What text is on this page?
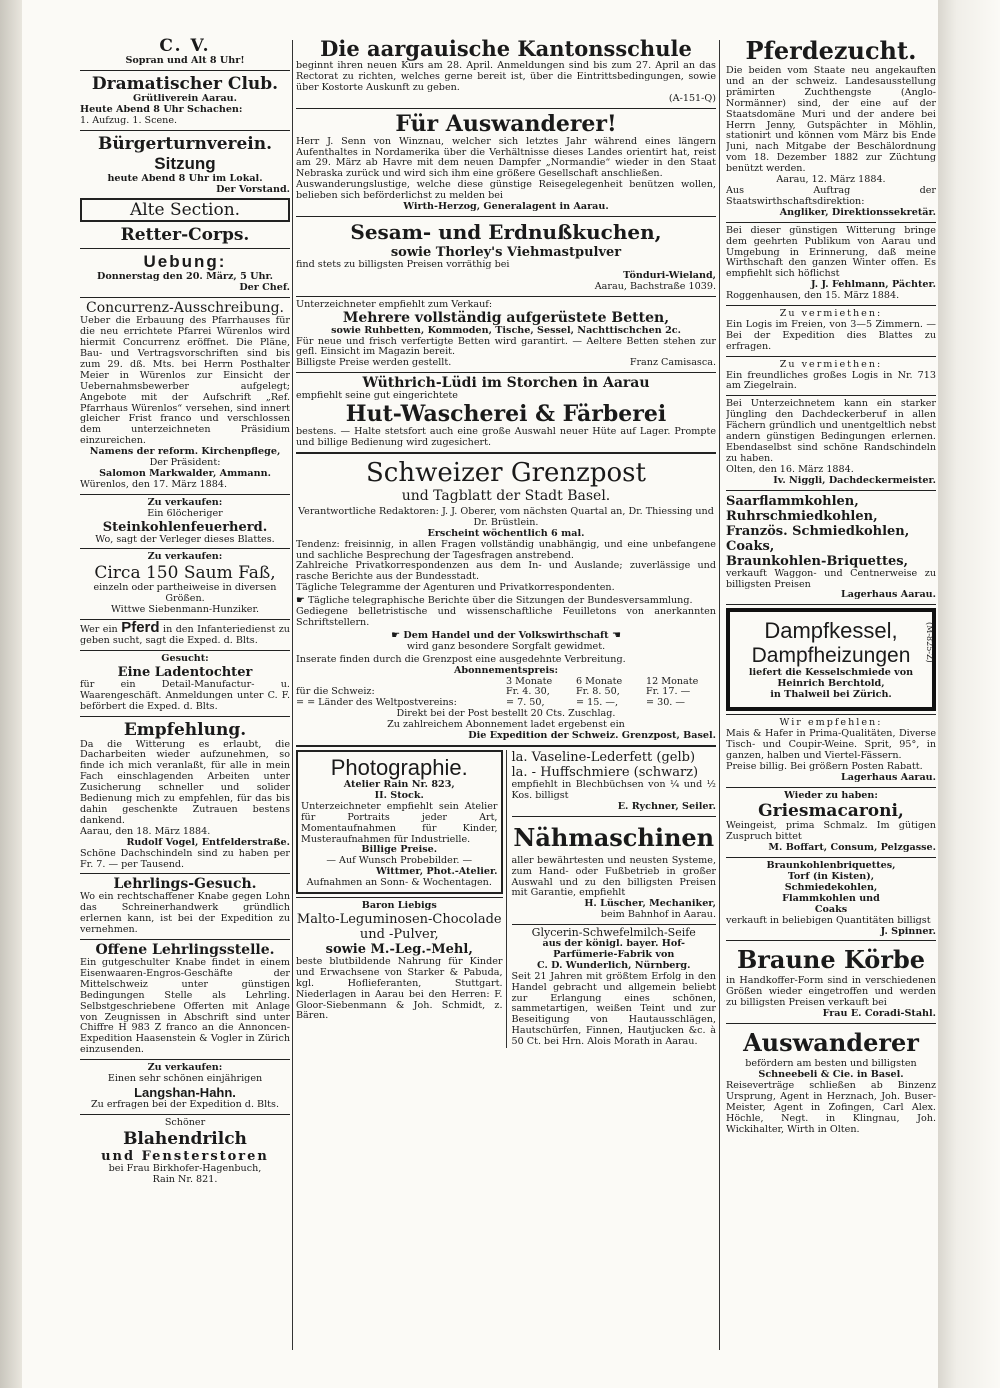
C. V.

Sopran und Alt 8 Uhr!

Dramatischer Club.

Grütliverein Aarau.

Heute Abend 8 Uhr Schachen:

1. Aufzug. 1. Scene.

Bürgerturnverein.

Sitzung

heute Abend 8 Uhr im Lokal.

Der Vorstand.

Alte Section.

Retter-Corps.

Uebung:

Donnerstag den 20. März, 5 Uhr.

Der Chef.

Concurrenz-Ausschreibung.

Ueber die Erbauung des Pfarrhauses für die neu errichtete Pfarrei Würenlos wird hiermit Concurrenz eröffnet. Die Pläne, Bau- und Vertragsvorschriften sind bis zum 29. dß. Mts. bei Herrn Posthalter Meier in Würenlos zur Einsicht der Uebernahmsbewerber aufgelegt; Angebote mit der Aufschrift „Ref. Pfarrhaus Würenlos“ versehen, sind innert gleicher Frist franco und verschlossen dem unterzeichneten Präsidium einzureichen.

Namens der reform. Kirchenpflege,

Der Präsident:

Salomon Markwalder, Ammann.

Würenlos, den 17. März 1884.

Zu verkaufen:

Ein 6löcheriger

Steinkohlenfeuerherd.

Wo, sagt der Verleger dieses Blattes.

Zu verkaufen:

Circa 150 Saum Faß,

einzeln oder partheiweise in diversen Größen.

Wittwe Siebenmann-Hunziker.

Wer ein Pferd in den Infanteriedienst zu geben sucht, sagt die Exped. d. Blts.

Gesucht:

Eine Ladentochter

für ein Detail-Manufactur- u. Waarengeschäft. Anmeldungen unter C. F. beförbert die Exped. d. Blts.

Empfehlung.

Da die Witterung es erlaubt, die Dacharbeiten wieder aufzunehmen, so finde ich mich veranlaßt, für alle in mein Fach einschlagenden Arbeiten unter Zusicherung schneller und solider Bedienung mich zu empfehlen, für das bis dahin geschenkte Zutrauen bestens dankend.

Aarau, den 18. März 1884.

Rudolf Vogel, Entfelderstraße.

Schöne Dachschindeln sind zu haben per Fr. 7. — per Tausend.

Lehrlings-Gesuch.

Wo ein rechtschaffener Knabe gegen Lohn das Schreinerhandwerk gründlich erlernen kann, ist bei der Expedition zu vernehmen.

Offene Lehrlingsstelle.

Ein gutgeschulter Knabe findet in einem Eisenwaaren-Engros-Geschäfte der Mittelschweiz unter günstigen Bedingungen Stelle als Lehrling. Selbstgeschriebene Offerten mit Anlage von Zeugnissen in Abschrift sind unter Chiffre H 983 Z franco an die Annoncen-Expedition Haasenstein & Vogler in Zürich einzusenden.

Zu verkaufen:

Einen sehr schönen einjährigen

Langshan-Hahn.

Zu erfragen bei der Expedition d. Blts.

Schöner

Blahendrilch

und Fensterstoren

bei Frau Birkhofer-Hagenbuch,

Rain Nr. 821.

Die aargauische Kantonsschule

beginnt ihren neuen Kurs am 28. April. Anmeldungen sind bis zum 27. April an das Rectorat zu richten, welches gerne bereit ist, über die Eintrittsbedingungen, sowie über Kostorte Auskunft zu geben.

(A-151-Q)

Für Auswanderer!

Herr J. Senn von Winznau, welcher sich letztes Jahr während eines längern Aufenthaltes in Nordamerika über die Verhältnisse dieses Landes orientirt hat, reist am 29. März ab Havre mit dem neuen Dampfer „Normandie“ wieder in den Staat Nebraska zurück und wird sich ihm eine größere Gesellschaft anschließen.

Auswanderungslustige, welche diese günstige Reisegelegenheit benützen wollen, belieben sich beförderlichst zu melden bei

Wirth-Herzog, Generalagent in Aarau.

Sesam- und Erdnußkuchen,

sowie Thorley's Viehmastpulver

find stets zu billigsten Preisen vorräthig bei

Tönduri-Wieland,

Aarau, Bachstraße 1039.

Unterzeichneter empfiehlt zum Verkauf:

Mehrere vollständig aufgerüstete Betten,

sowie Ruhbetten, Kommoden, Tische, Sessel, Nachttischchen 2c.

Für neue und frisch verfertigte Betten wird garantirt. — Aeltere Betten stehen zur gefl. Einsicht im Magazin bereit.

Billigste Preise werden gestellt.	Franz Camisasca.

Wüthrich-Lüdi im Storchen in Aarau

empfiehlt seine gut eingerichtete

Hut-Wascherei & Färberei

bestens. — Halte stetsfort auch eine große Auswahl neuer Hüte auf Lager. Prompte und billige Bedienung wird zugesichert.

Schweizer Grenzpost

und Tagblatt der Stadt Basel.

Verantwortliche Redaktoren: J. J. Oberer, vom nächsten Quartal an, Dr. Thiessing und Dr. Brüstlein.

Erscheint wöchentlich 6 mal.

Tendenz: freisinnig, in allen Fragen vollständig unabhängig, und eine unbefangene und sachliche Besprechung der Tagesfragen anstrebend.

Zahlreiche Privatkorrespondenzen aus dem In- und Auslande; zuverlässige und rasche Berichte aus der Bundesstadt.

Tägliche Telegramme der Agenturen und Privatkorrespondenten.

☛ Tägliche telegraphische Berichte über die Sitzungen der Bundesversammlung.

Gediegene belletristische und wissenschaftliche Feuilletons von anerkannten Schriftstellern.

☛ Dem Handel und der Volkswirthschaft ☚

wird ganz besondere Sorgfalt gewidmet.

Inserate finden durch die Grenzpost eine ausgedehnte Verbreitung.

Abonnementspreis:

3 Monate	6 Monate	12 Monate
für die Schweiz:	Fr. 4. 30,	Fr. 8. 50,	Fr. 17. —
= = Länder des Weltpostvereins:	= 7. 50,	= 15. —,	= 30. —

Direkt bei der Post bestellt 20 Cts. Zuschlag.

Zu zahlreichem Abonnement ladet ergebenst ein

Die Expedition der Schweiz. Grenzpost, Basel.

Photographie.

Atelier Rain Nr. 823,

II. Stock.

Unterzeichneter empfiehlt sein Atelier für Portraits jeder Art, Momentaufnahmen für Kinder, Musteraufnahmen für Industrielle.

Billige Preise.

— Auf Wunsch Probebilder. —

Wittmer, Phot.-Atelier.

Aufnahmen an Sonn- & Wochentagen.

Baron Liebigs

Malto-Leguminosen-Chocolade und -Pulver,

sowie M.-Leg.-Mehl,

beste blutbildende Nahrung für Kinder und Erwachsene von Starker & Pabuda, kgl. Hoflieferanten, Stuttgart. Niederlagen in Aarau bei den Herren: F. Gloor-Siebenmann & Joh. Schmidt, z. Bären.

la. Vaseline-Lederfett (gelb)

la. - Huffschmiere (schwarz)

empfiehlt in Blechbüchsen von ¼ und ½ Kos. billigst

E. Rychner, Seiler.

Nähmaschinen

aller bewährtesten und neusten Systeme, zum Hand- oder Fußbetrieb in großer Auswahl und zu den billigsten Preisen mit Garantie, empfiehlt

H. Lüscher, Mechaniker,

beim Bahnhof in Aarau.

Glycerin-Schwefelmilch-Seife

aus der königl. bayer. Hof-Parfümerie-Fabrik von

C. D. Wunderlich, Nürnberg.

Seit 21 Jahren mit größtem Erfolg in den Handel gebracht und allgemein beliebt zur Erlangung eines schönen, sammetartigen, weißen Teint und zur Beseitigung von Hautausschlägen, Hautschürfen, Finnen, Hautjucken &c. à 50 Ct. bei Hrn. Alois Morath in Aarau.

Pferdezucht.

Die beiden vom Staate neu angekauften und an der schweiz. Landesausstellung prämirten Zuchthengste (Anglo-Normänner) sind, der eine auf der Staatsdomäne Muri und der andere bei Herrn Jenny, Gutspächter in Möhlin, stationirt und können vom März bis Ende Juni, nach Mitgabe der Beschälordnung vom 18. Dezember 1882 zur Züchtung benützt werden.

Aarau, 12. März 1884.

Aus Auftrag der Staatswirthschaftsdirektion:

Angliker, Direktionssekretär.

Bei dieser günstigen Witterung bringe dem geehrten Publikum von Aarau und Umgebung in Erinnerung, daß meine Wirthschaft den ganzen Winter offen. Es empfiehlt sich höflichst

J. J. Fehlmann, Pächter.

Roggenhausen, den 15. März 1884.

Zu vermiethen:

Ein Logis im Freien, von 3—5 Zimmern. — Bei der Expedition dies Blattes zu erfragen.

Zu vermiethen:

Ein freundliches großes Logis in Nr. 713 am Ziegelrain.

Bei Unterzeichnetem kann ein starker Jüngling den Dachdeckerberuf in allen Fächern gründlich und unentgeltlich nebst andern günstigen Bedingungen erlernen. Ebendaselbst sind schöne Randschindeln zu haben.

Olten, den 16. März 1884.

Iv. Niggli, Dachdeckermeister.

Saarflammkohlen,

Ruhrschmiedkohlen,

Französ. Schmiedkohlen,

Coaks,

Braunkohlen-Briquettes,

verkauft Waggon- und Centnerweise zu billigsten Preisen

Lagerhaus Aarau.

Dampfkessel,

Dampfheizungen	(M-825-Z)

liefert die Kesselschmiede von

Heinrich Berchtold,

in Thalweil bei Zürich.

Wir empfehlen:

Mais & Hafer in Prima-Qualitäten, Diverse Tisch- und Coupir-Weine. Sprit, 95°, in ganzen, halben und Viertel-Fässern.

Preise billig. Bei größern Posten Rabatt.

Lagerhaus Aarau.

Wieder zu haben:

Griesmacaroni,

Weingeist, prima Schmalz. Im gütigen Zuspruch bittet

M. Boffart, Consum, Pelzgasse.

Braunkohlenbriquettes,

Torf (in Kisten),

Schmiedekohlen,

Flammkohlen und

Coaks

verkauft in beliebigen Quantitäten billigst

J. Spinner.

Braune Körbe

in Handkoffer-Form sind in verschiedenen Größen wieder eingetroffen und werden zu billigsten Preisen verkauft bei

Frau E. Coradi-Stahl.

Auswanderer

befördern am besten und billigsten

Schneebeli & Cie. in Basel.

Reiseverträge schließen ab Binzenz Ursprung, Agent in Herznach, Joh. Buser-Meister, Agent in Zofingen, Carl Alex. Höchle, Negt. in Klingnau, Joh. Wickihalter, Wirth in Olten.
